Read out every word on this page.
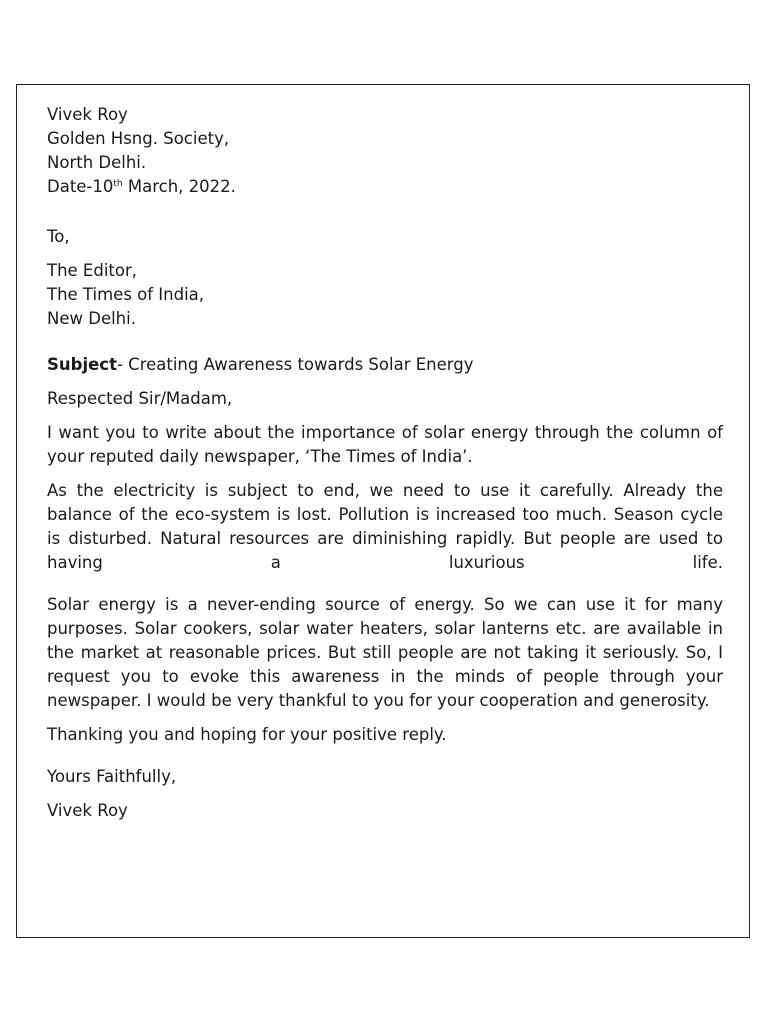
Vivek Roy
Golden Hsng. Society,
North Delhi.
Date-10th March, 2022.
To,
The Editor,
The Times of India,
New Delhi.
Subject- Creating Awareness towards Solar Energy

Respected Sir/Madam,

I want you to write about the importance of solar energy through the column of your reputed daily newspaper, ‘The Times of India’.

As the electricity is subject to end, we need to use it carefully. Already the balance of the eco-system is lost. Pollution is increased too much. Season cycle is disturbed. Natural resources are diminishing rapidly. But people are used to having a luxurious life.

Solar energy is a never-ending source of energy. So we can use it for many purposes. Solar cookers, solar water heaters, solar lanterns etc. are available in the market at reasonable prices. But still people are not taking it seriously. So, I request you to evoke this awareness in the minds of people through your newspaper. I would be very thankful to you for your cooperation and generosity.

Thanking you and hoping for your positive reply.

Yours Faithfully,

Vivek Roy
